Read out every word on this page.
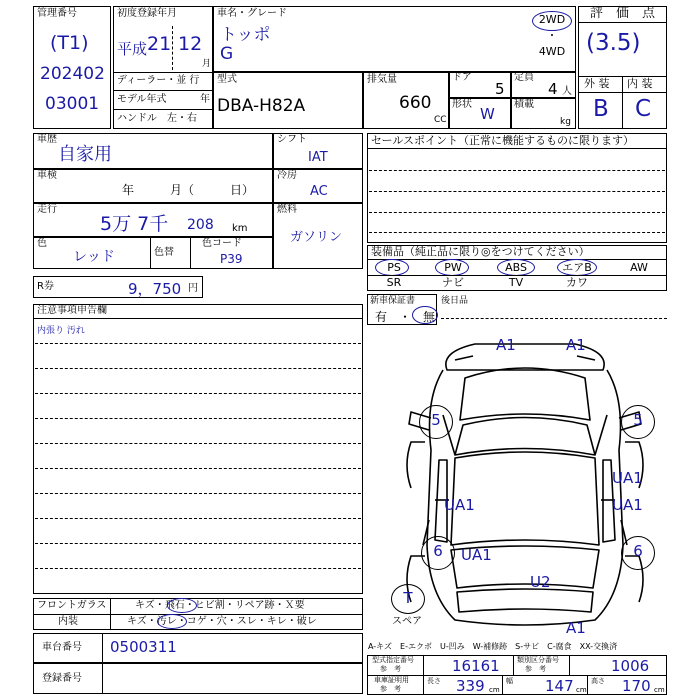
管理番号
(T1)
202402
03001
初度登録年月
平成 21 12
月
ディーラー・並 行
モデル年式	年
ハンドル　左・右
車名・グレード
トッポ
G
2WD
・
4WD
型式
DBA-H82A
排気量
660
CC
ドア
5
定員
4 人
形状
W
積載
kg
評　価　点
(3.5)
外 装 内 装
B C
車歴
自家用
車検
年　　　月（　　　日）
走行
5万 7千 208 km
色
レッド	色替
色コード
P39
R券	9，750 円
シフト
IAT
冷房
AC
燃料
ガソリン
セールスポイント（正常に機能するものに限ります）
装備品（純正品に限り◎をつけてください）
PS	PW	ABS	エアB	AW
SR	ナビ	TV	カワ
新車保証書
有　・　無
後日品
注意事項申告欄
内張り 汚れ
A1	A1
5	5
UA1
UA1
UA1
6	6
UA1
U2
A1
T
スペア
フロントガラス	キズ・飛石・ヒビ割・リペア跡・Ｘ要
内装	キズ・汚レ・コゲ・穴・スレ・キレ・破レ
車台番号 0500311
登録番号
A-キズ　E-エクボ　U-凹み　W-補修跡　S-サビ　C-腐食　XX-交換済
型式指定番号
参　考	16161 類別区分番号
参　考	1006
車庫証明用
参　考
長さ 339 cm
幅 147 cm
高さ 170 cm
